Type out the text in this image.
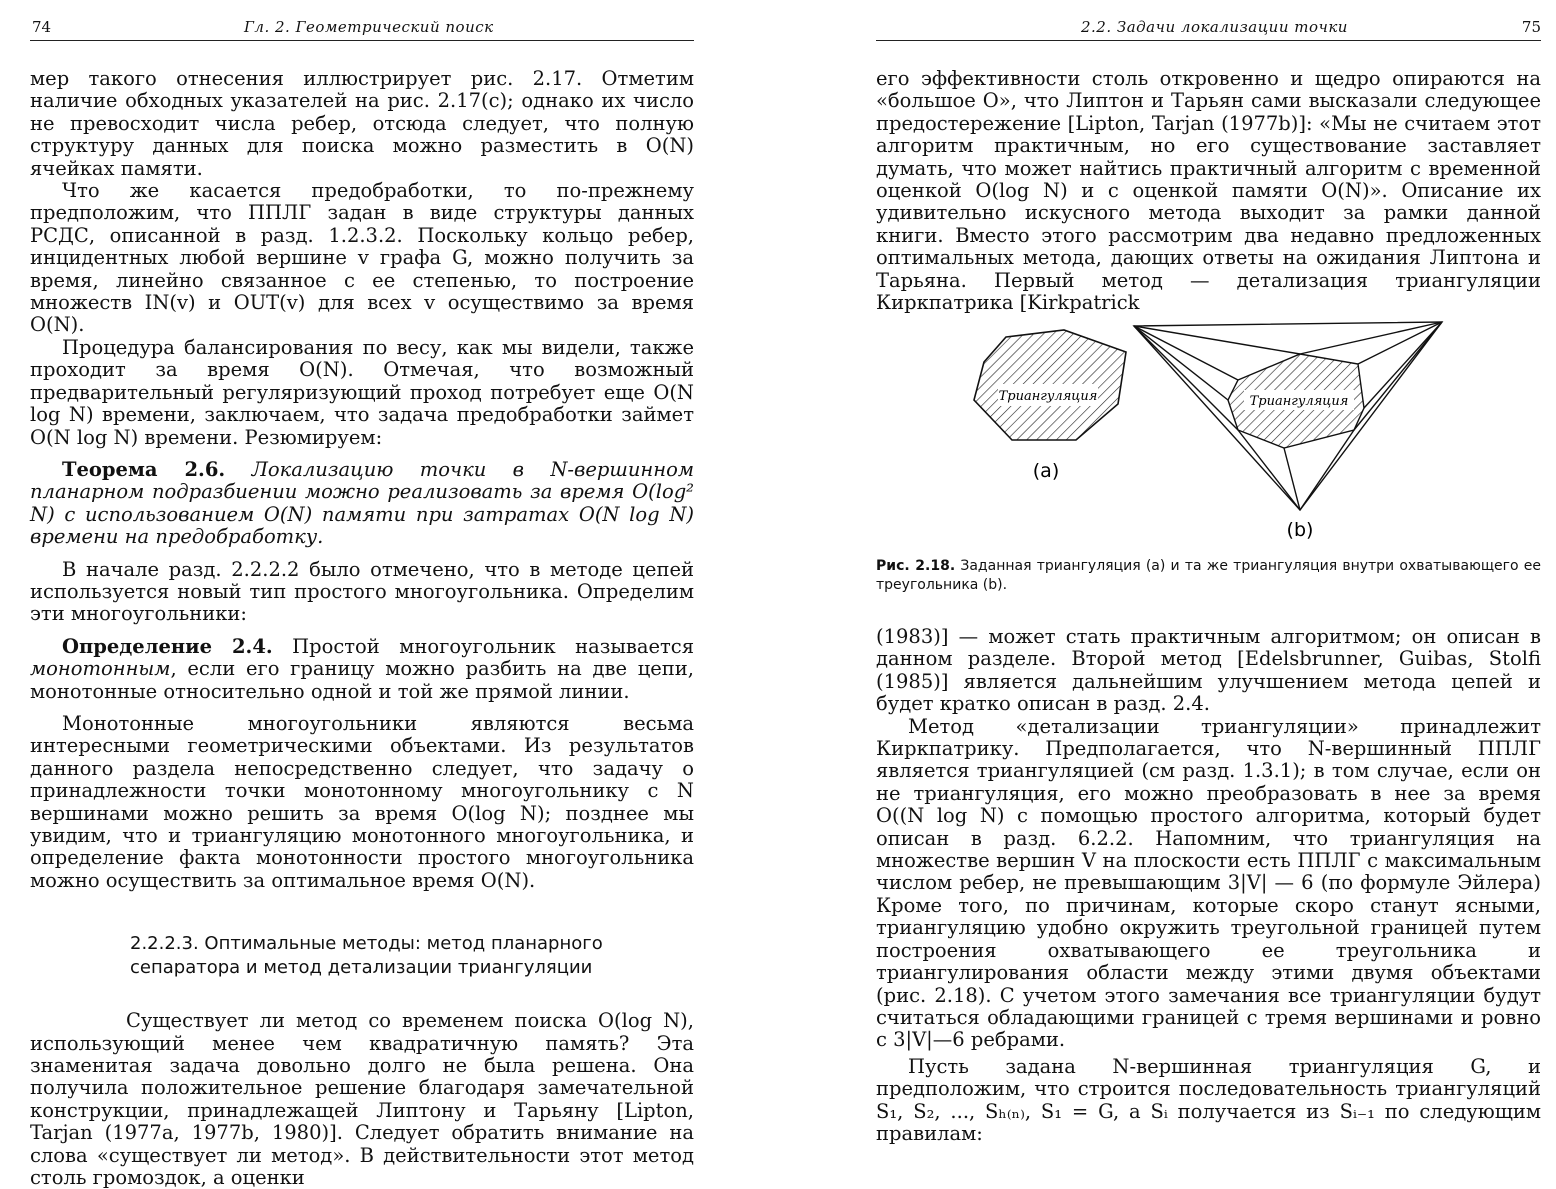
74	Гл. 2. Геометрический поиск

мер такого отнесения иллюстрирует рис. 2.17. Отметим наличие обходных указателей на рис. 2.17(c); однако их число не превосходит числа ребер, отсюда следует, что полную структуру данных для поиска можно разместить в O(N) ячейках памяти.

Что же касается предобработки, то по-прежнему предположим, что ППЛГ задан в виде структуры данных РСДС, описанной в разд. 1.2.3.2. Поскольку кольцо ребер, инцидентных любой вершине v графа G, можно получить за время, линейно связанное с ее степенью, то построение множеств IN(v) и OUT(v) для всех v осуществимо за время O(N).

Процедура балансирования по весу, как мы видели, также проходит за время O(N). Отмечая, что возможный предварительный регуляризующий проход потребует еще O(N log N) времени, заключаем, что задача предобработки займет O(N log N) времени. Резюмируем:

Теорема 2.6. Локализацию точки в N-вершинном планарном подразбиении можно реализовать за время O(log² N) с использованием O(N) памяти при затратах O(N log N) времени на предобработку.

В начале разд. 2.2.2.2 было отмечено, что в методе цепей используется новый тип простого многоугольника. Определим эти многоугольники:

Определение 2.4. Простой многоугольник называется монотонным, если его границу можно разбить на две цепи, монотонные относительно одной и той же прямой линии.

Монотонные многоугольники являются весьма интересными геометрическими объектами. Из результатов данного раздела непосредственно следует, что задачу о принадлежности точки монотонному многоугольнику с N вершинами можно решить за время O(log N); позднее мы увидим, что и триангуляцию монотонного многоугольника, и определение факта монотонности простого многоугольника можно осуществить за оптимальное время O(N).

2.2.2.3. Оптимальные методы: метод планарного
сепаратора и метод детализации триангуляции

Существует ли метод со временем поиска O(log N), использующий менее чем квадратичную память? Эта знаменитая задача довольно долго не была решена. Она получила положительное решение благодаря замечательной конструкции, принадлежащей Липтону и Тарьяну [Lipton, Tarjan (1977a, 1977b, 1980)]. Следует обратить внимание на слова «существует ли метод». В действительности этот метод столь громоздок, а оценки

2.2. Задачи локализации точки	75

его эффективности столь откровенно и щедро опираются на «большое O», что Липтон и Тарьян сами высказали следующее предостережение [Lipton, Tarjan (1977b)]: «Мы не считаем этот алгоритм практичным, но его существование заставляет думать, что может найтись практичный алгоритм с временной оценкой O(log N) и с оценкой памяти O(N)». Описание их удивительно искусного метода выходит за рамки данной книги. Вместо этого рассмотрим два недавно предложенных оптимальных метода, дающих ответы на ожидания Липтона и Тарьяна. Первый метод — детализация триангуляции Киркпатрика [Kirkpatrick

Триангуляция	Триангуляция
(a)
(b)
Рис. 2.18. Заданная триангуляция (a) и та же триангуляция внутри охватывающего ее треугольника (b).

(1983)] — может стать практичным алгоритмом; он описан в данном разделе. Второй метод [Edelsbrunner, Guibas, Stolfi (1985)] является дальнейшим улучшением метода цепей и будет кратко описан в разд. 2.4.

Метод «детализации триангуляции» принадлежит Киркпатрику. Предполагается, что N-вершинный ППЛГ является триангуляцией (см разд. 1.3.1); в том случае, если он не триангуляция, его можно преобразовать в нее за время O((N log N) с помощью простого алгоритма, который будет описан в разд. 6.2.2. Напомним, что триангуляция на множестве вершин V на плоскости есть ППЛГ с максимальным числом ребер, не превышающим 3|V| — 6 (по формуле Эйлера) Кроме того, по причинам, которые скоро станут ясными, триангуляцию удобно окружить треугольной границей путем построения охватывающего ее треугольника и триангулирования области между этими двумя объектами (рис. 2.18). С учетом этого замечания все триангуляции будут считаться обладающими границей с тремя вершинами и ровно с 3|V|—6 ребрами.

Пусть задана N-вершинная триангуляция G, и предположим, что строится последовательность триангуляций S₁, S₂, ..., Sₕ₍ₙ₎, S₁ = G, а Sᵢ получается из Sᵢ₋₁ по следующим правилам:
